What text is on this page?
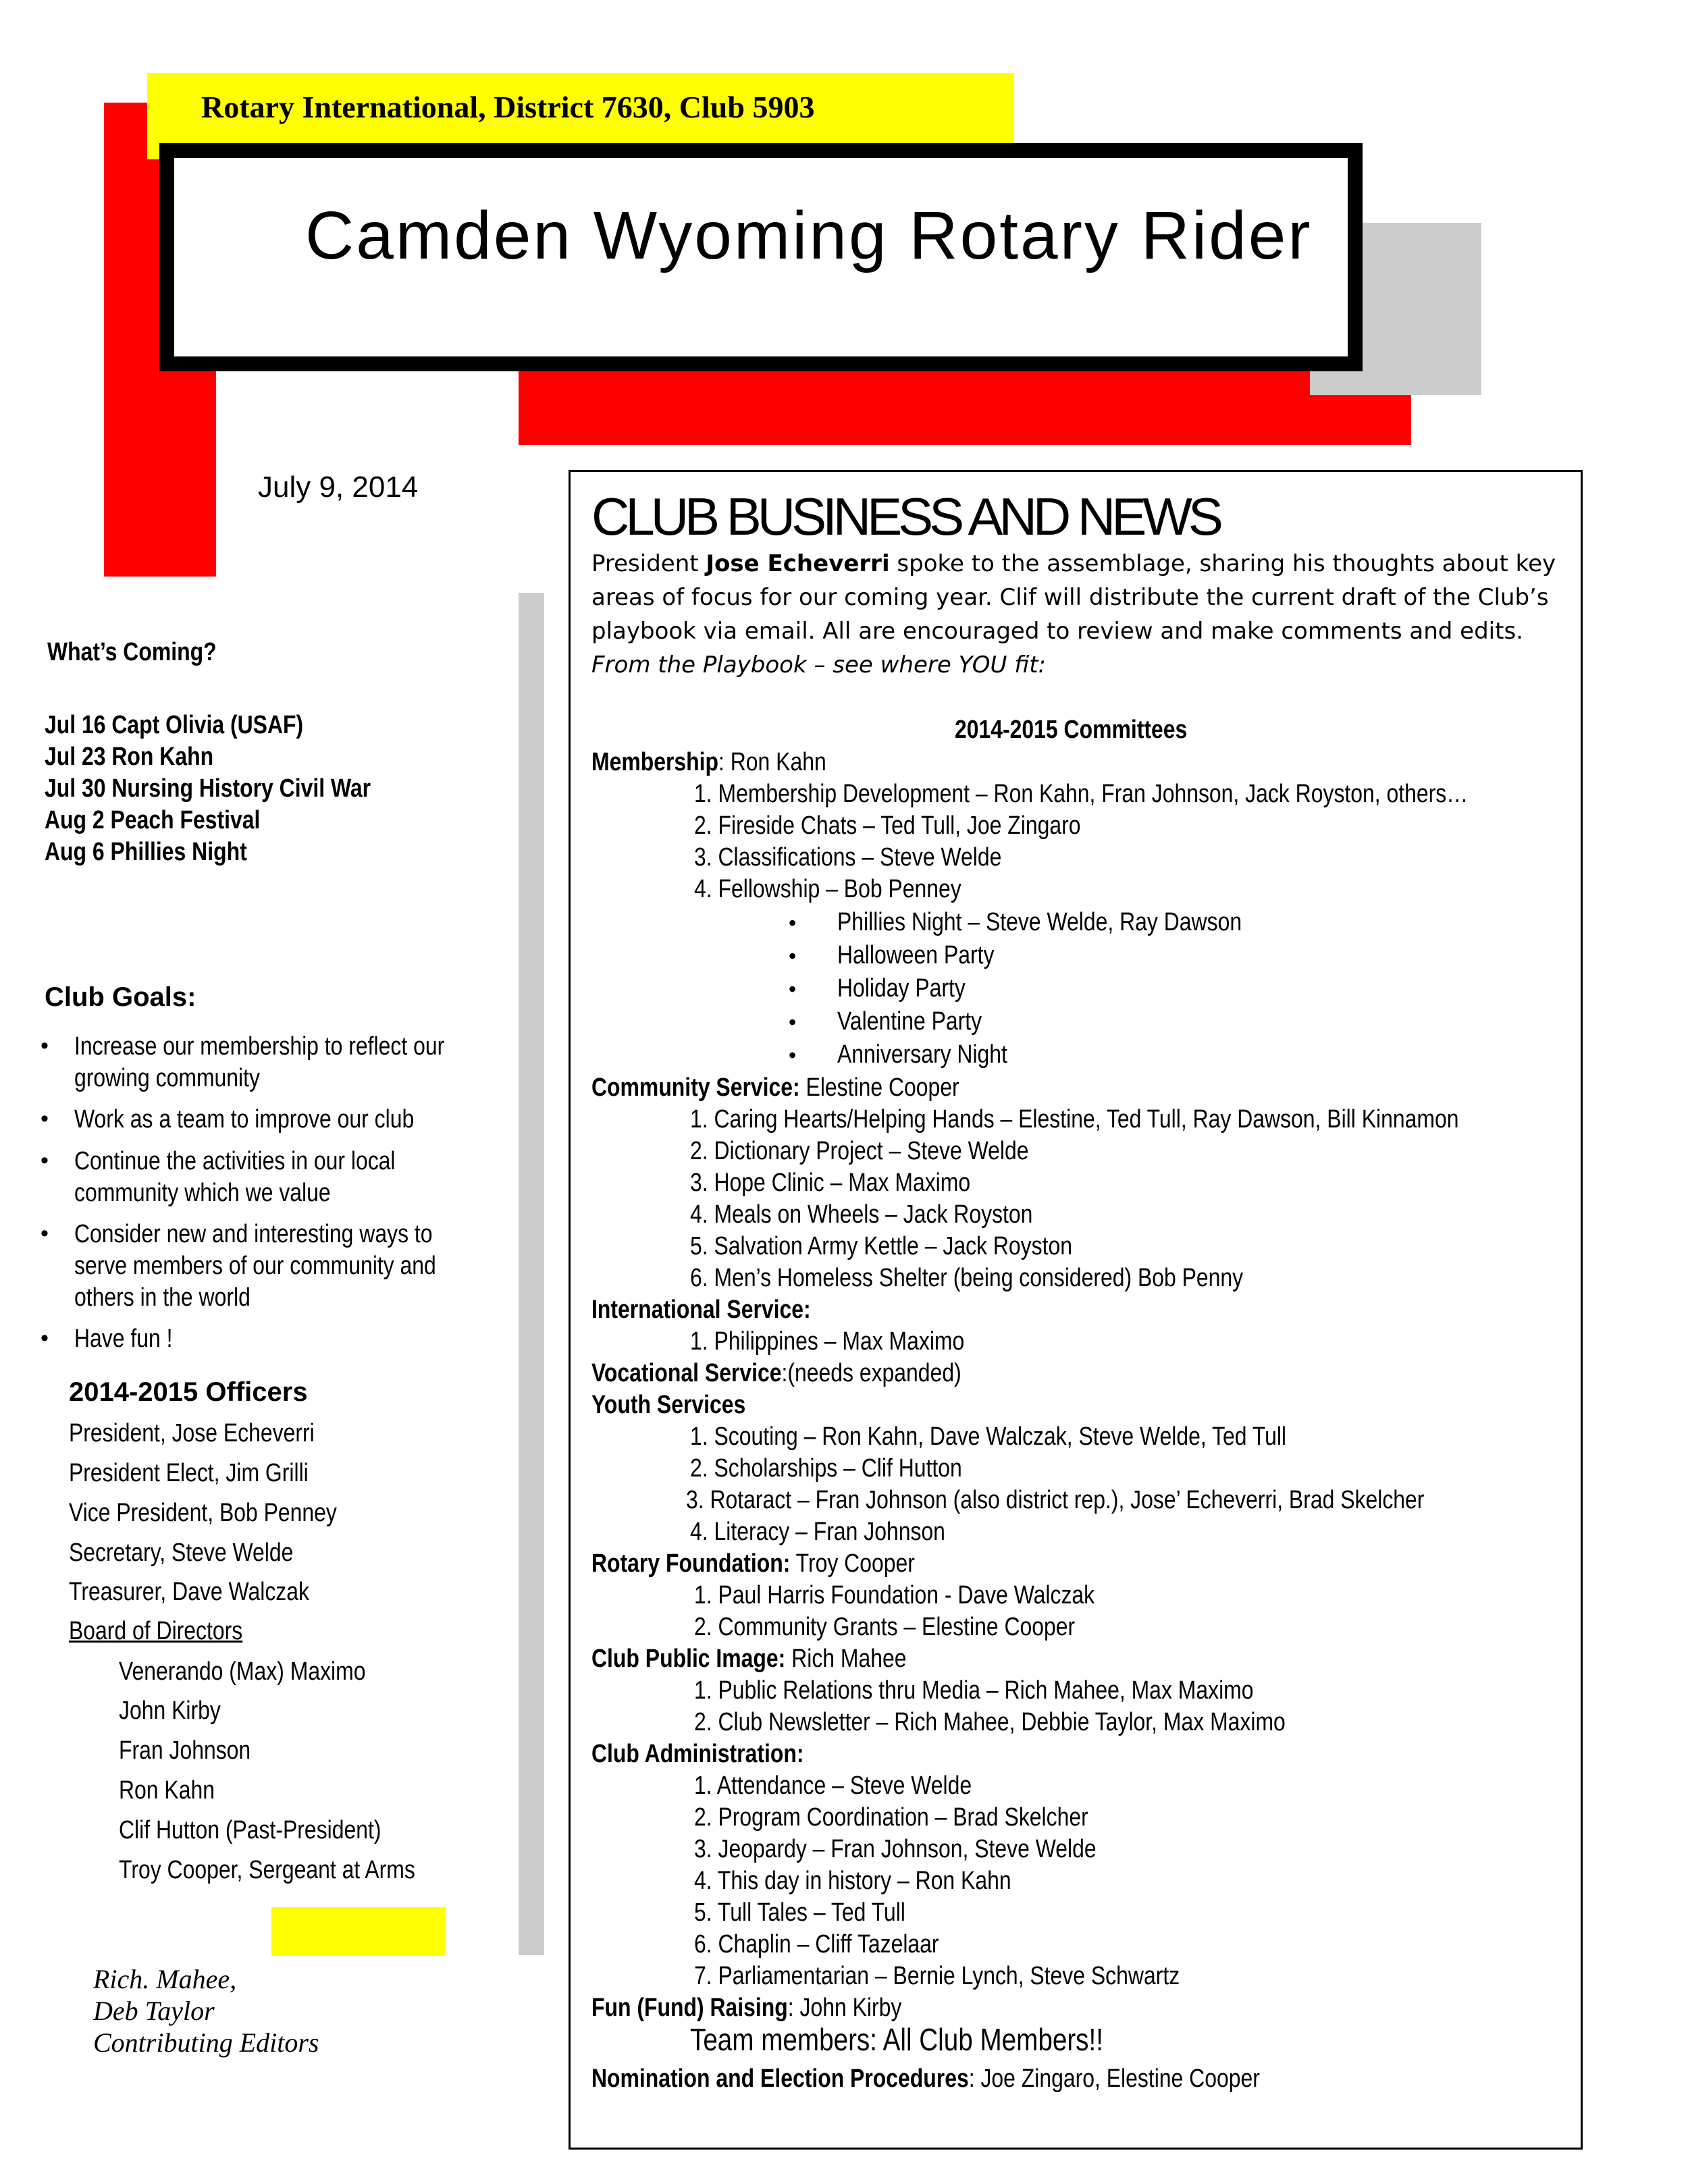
Rotary International, District 7630, Club 5903
Camden Wyoming Rotary Rider
July 9, 2014
What’s Coming?
Jul 16 Capt Olivia (USAF)
Jul 23 Ron Kahn
Jul 30 Nursing History Civil War
Aug 2 Peach Festival
Aug 6 Phillies Night
Club Goals:
• Increase our membership to reflect our
growing community
• Work as a team to improve our club
• Continue the activities in our local
community which we value
• Consider new and interesting ways to
serve members of our community and
others in the world
• Have fun !
2014-2015 Officers
President, Jose Echeverri
President Elect, Jim Grilli
Vice President, Bob Penney
Secretary, Steve Welde
Treasurer, Dave Walczak
Board of Directors
Venerando (Max) Maximo
John Kirby
Fran Johnson
Ron Kahn
Clif Hutton (Past-President)
Troy Cooper, Sergeant at Arms
Rich. Mahee,
Deb Taylor
Contributing Editors
CLUB BUSINESS AND NEWS
President Jose Echeverri spoke to the assemblage, sharing his thoughts about key
areas of focus for our coming year. Clif will distribute the current draft of the Club’s
playbook via email. All are encouraged to review and make comments and edits.
From the Playbook – see where YOU fit:
2014-2015 Committees
Membership: Ron Kahn
1. Membership Development – Ron Kahn, Fran Johnson, Jack Royston, others…
2. Fireside Chats – Ted Tull, Joe Zingaro
3. Classifications – Steve Welde
4. Fellowship – Bob Penney
• Phillies Night – Steve Welde, Ray Dawson
• Halloween Party
• Holiday Party
• Valentine Party
• Anniversary Night
Community Service: Elestine Cooper
1. Caring Hearts/Helping Hands – Elestine, Ted Tull, Ray Dawson, Bill Kinnamon
2. Dictionary Project – Steve Welde
3. Hope Clinic – Max Maximo
4. Meals on Wheels – Jack Royston
5. Salvation Army Kettle – Jack Royston
6. Men’s Homeless Shelter (being considered) Bob Penny
International Service:
1. Philippines – Max Maximo
Vocational Service:(needs expanded)
Youth Services
1. Scouting – Ron Kahn, Dave Walczak, Steve Welde, Ted Tull
2. Scholarships – Clif Hutton
3. Rotaract – Fran Johnson (also district rep.), Jose’ Echeverri, Brad Skelcher
4. Literacy – Fran Johnson
Rotary Foundation: Troy Cooper
1. Paul Harris Foundation - Dave Walczak
2. Community Grants – Elestine Cooper
Club Public Image: Rich Mahee
1. Public Relations thru Media – Rich Mahee, Max Maximo
2. Club Newsletter – Rich Mahee, Debbie Taylor, Max Maximo
Club Administration:
1. Attendance – Steve Welde
2. Program Coordination – Brad Skelcher
3. Jeopardy – Fran Johnson, Steve Welde
4. This day in history – Ron Kahn
5. Tull Tales – Ted Tull
6. Chaplin – Cliff Tazelaar
7. Parliamentarian – Bernie Lynch, Steve Schwartz
Fun (Fund) Raising: John Kirby
Team members: All Club Members!!
Nomination and Election Procedures: Joe Zingaro, Elestine Cooper
